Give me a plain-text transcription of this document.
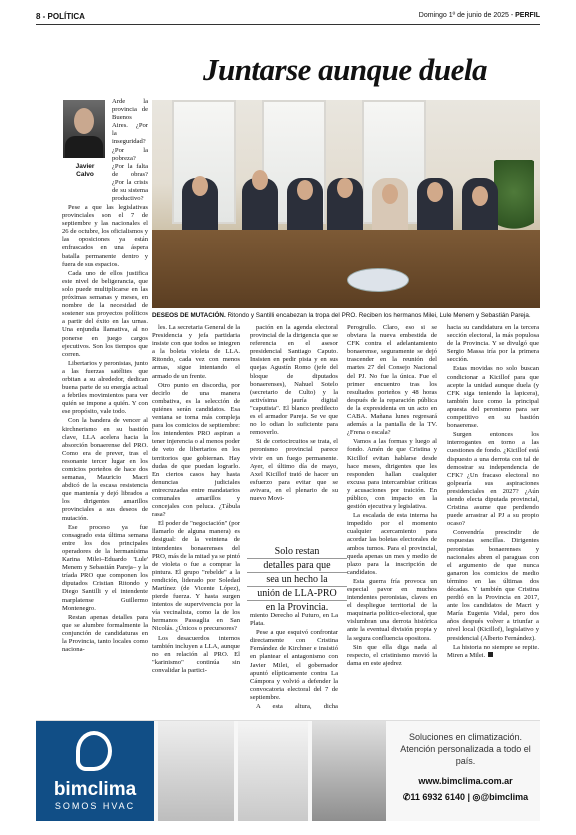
8 - POLÍTICA	Domingo 1º de junio de 2025 - PERFIL
Juntarse aunque duela
Javier
Calvo

Arde la provincia de Buenos Aires. ¿Por la inseguridad? ¿Por la pobreza? ¿Por la falta de obras? ¿Por la crisis de su sistema productivo?

Pese a que las legislativas provinciales son el 7 de septiembre y las nacionales el 26 de octubre, los oficialismos y las oposiciones ya están enfrascados en una áspera batalla permanente dentro y fuera de sus espacios.

Cada uno de ellos justifica este nivel de beligerancia, que solo puede multiplicarse en las próximas semanas y meses, en nombre de la necesidad de sostener sus proyectos políticos a partir del éxito en las urnas. Una enjundia llamativa, al no ponerse en juego cargos ejecutivos. Son los tiempos que corren.

Libertarios y peronistas, junto a las fuerzas satélites que orbitan a su alrededor, dedican buena parte de su energía actual a febriles movimientos para ver quién se impone a quién. Y con ese propósito, vale todo.

Con la bandera de vencer al kirchnerismo en su bastión clave, LLA acelera hacia la absorción bonaerense del PRO. Como era de prever, tras el resonante tercer lugar en los comicios porteños de hace dos semanas, Mauricio Macri abdicó de la escasa resistencia que mantenía y dejó librados a los dirigentes amarillos provinciales a sus deseos de mutación.

Ese proceso ya fue consagrado esta última semana entre los dos principales operadores de la hermanísima Karina Milei–Eduardo 'Lule' Menem y Sebastián Pareja– y la tríada PRO que componen los diputados Cristian Ritondo y Diego Santilli y el intendente marplatense Guillermo Montenegro.

Restan apenas detalles para que se alumbre formalmente la conjunción de candidaturas en la Provincia, tanto locales como naciona-

DESEOS DE MUTACIÓN. Ritondo y Santilli encabezan la tropa del PRO. Reciben los hermanos Milei, Lule Menem y Sebastián Pareja.

les. La secretaria General de la Presidencia y jefa partidaria insiste con que todos se integren a la boleta violeta de LLA. Ritondo, cada vez con menos armas, sigue intentando el armado de un frente.

Otro punto en discordia, por decirlo de una manera combativa, es la selección de quiénes serán candidatos. Esa ventana se torna más compleja para los comicios de septiembre: los intendentes PRO aspiran a tener injerencia o al menos poder de veto de libertarios en los territorios que gobiernan. Hay dudas de que puedan lograrlo. En ciertos casos hay hasta denuncias judiciales entrecruzadas entre mandatarios comunales amarillos y concejales con peluca. ¿Tábula rasa?

El poder de "negociación" (por llamarlo de alguna manera) es desigual: de la veintena de intendentes bonaerenses del PRO, más de la mitad ya se pintó de violeta o fue a comprar la pintura. El grupo "rebelde" a la rendición, liderado por Soledad Martínez (de Vicente López), pierde fuerza. Y hasta surgen intentos de supervivencia por la vía vecinalista, como la de los hermanos Passaglia en San Nicolás. ¿Únicos o precursores?

Los desacuerdos internos también incluyen a LLA, aunque no en relación al PRO. El "karinismo" continúa sin convalidar la partici-

pación en la agenda electoral provincial de la dirigencia que se referencia en el asesor presidencial Santiago Caputo. Insisten en pedir pista y en sus quejas Agustín Romo (jefe del bloque de diputados bonaerenses), Nahuel Sotelo (secretario de Culto) y la activísima jauría digital "caputista". El blanco predilecto es el armador Pareja. Se ve que no lo odian lo suficiente para removerlo.

Si de cortocircuitos se trata, el peronismo provincial parece vivir en un fuego permanente. Ayer, el último día de mayo, Axel Kicillof trató de hacer un esfuerzo para evitar que se avivara, en el plenario de su nuevo Movi-

Solo restan
detalles para que
sea un hecho la
unión de LLA-PRO
en la Provincia.

miento Derecho al Futuro, en La Plata.

Pese a que esquivó confrontar directamente con Cristina Fernández de Kirchner e insistió en plantear el antagonismo con Javier Milei, el gobernador apuntó elípticamente contra La Cámpora y volvió a defender la convocatoria electoral del 7 de septiembre.

A esta altura, dicha

Perogrullo. Claro, eso si se obviara la nueva embestida de CFK contra el adelantamiento bonaerense, seguramente se dejó trascender en la reunión del martes 27 del Consejo Nacional del PJ. No fue la única. Fue el primer encuentro tras los resultados porteños y 48 horas después de la reparación pública de la expresidenta en un acto en CABA. Mañana lunes regresará además a la pantalla de la TV. ¿Frena o escala?

Vamos a las formas y luego al fondo. Amén de que Cristina y Kicillof evitan hablarse desde hace meses, dirigentes que les responden hallan cualquier excusa para intercambiar críticas y acusaciones por traición. En público, con impacto en la gestión ejecutiva y legislativa.

La escalada de esta interna ha impedido por el momento cualquier acercamiento para acordar las boletas electorales de ambos turnos. Para el provincial, queda apenas un mes y medio de plazo para la inscripción de candidatos.

Esta guerra fría provoca un especial pavor en muchos intendentes peronistas, claves en el despliegue territorial de la maquinaria político-electoral, que vislumbran una derrota histórica ante la eventual división propia y la segura confluencia opositora.

Sin que ella diga nada al respecto, el cristinismo movió la dama en este ajedrez

hacia su candidatura en la tercera sección electoral, la más populosa de la Provincia. Y se divulgó que Sergio Massa iría por la primera sección.

Estas movidas no solo buscan condicionar a Kicillof para que acepte la unidad aunque duela (y CFK siga teniendo la lapicera), también luce como la principal apuesta del peronismo para ser competitivo en su bastión bonaerense.

Surgen entonces los interrogantes en torno a las cuestiones de fondo. ¿Kicillof está dispuesto a una derrota con tal de demostrar su independencia de CFK? ¿Un fracaso electoral no golpearía sus aspiraciones presidenciales en 2027? ¿Aún siendo electa diputada provincial, Cristina asume que perdiendo puede arrastrar al PJ a su propio ocaso?

Convendría prescindir de respuestas sencillas. Dirigentes peronistas bonaerenses y nacionales abren el paraguas con el argumento de que nunca ganaron los comicios de medio término en las últimas dos décadas. Y también que Cristina perdió en la Provincia en 2017, ante los candidatos de Macri y María Eugenia Vidal, pero dos años después volver a triunfar a nivel local (Kicillof), legislativo y presidencial (Alberto Fernández).

La historia no siempre se repite. Miren a Milei.

bimclima
SOMOS HVAC
Soluciones en climatización.
Atención personalizada a todo el país.
www.bimclima.com.ar
✆11 6932 6140 | ◎@bimclima
